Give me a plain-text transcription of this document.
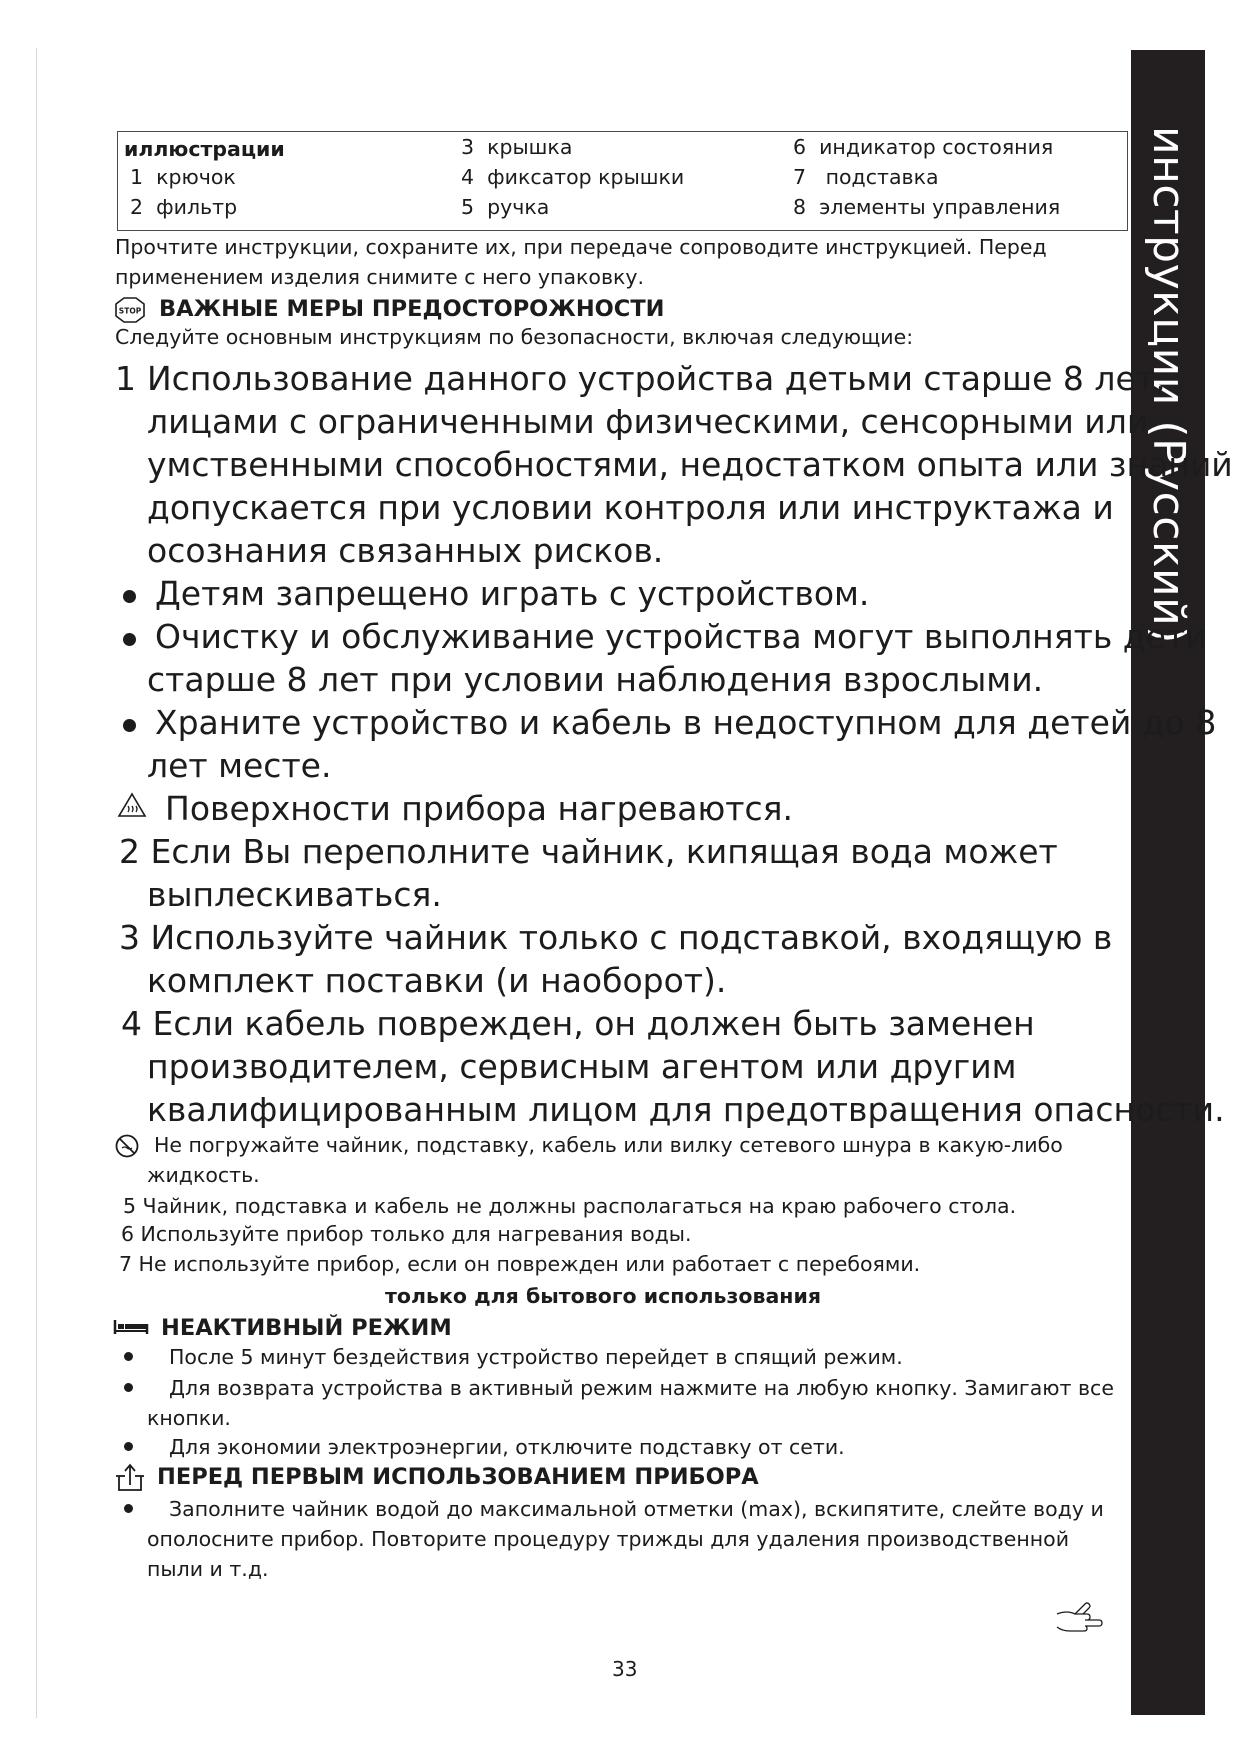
инструкции (Русский)
иллюстрации
1 крючок
2 фильтр
3 крышка
4 фиксатор крышки
5 ручка
6 индикатор состояния
7 подставка
8 элементы управления
Прочтите инструкции, сохраните их, при передаче сопроводите инструкцией. Перед
применением изделия снимите с него упаковку.
STOP ВАЖНЫЕ МЕРЫ ПРЕДОСТОРОЖНОСТИ
Следуйте основным инструкциям по безопасности, включая следующие:
1 Использование данного устройства детьми старше 8 лет,
лицами с ограниченными физическими, сенсорными или
умственными способностями, недостатком опыта или знаний
допускается при условии контроля или инструктажа и
осознания связанных рисков.
Детям запрещено играть с устройством.
Очистку и обслуживание устройства могут выполнять дети
старше 8 лет при условии наблюдения взрослыми.
Храните устройство и кабель в недоступном для детей до 8
лет месте.
Поверхности прибора нагреваются.
2 Если Вы переполните чайник, кипящая вода может
выплескиваться.
3 Используйте чайник только с подставкой, входящую в
комплект поставки (и наоборот).
4 Если кабель поврежден, он должен быть заменен
производителем, сервисным агентом или другим
квалифицированным лицом для предотвращения опасности.
Не погружайте чайник, подставку, кабель или вилку сетевого шнура в какую-либо
жидкость.
5 Чайник, подставка и кабель не должны располагаться на краю рабочего стола.
6 Используйте прибор только для нагревания воды.
7 Не используйте прибор, если он поврежден или работает с перебоями.
только для бытового использования
НЕАКТИВНЫЙ РЕЖИМ
После 5 минут бездействия устройство перейдет в спящий режим.
Для возврата устройства в активный режим нажмите на любую кнопку. Замигают все
кнопки.
Для экономии электроэнергии, отключите подставку от сети.
ПЕРЕД ПЕРВЫМ ИСПОЛЬЗОВАНИЕМ ПРИБОРА
Заполните чайник водой до максимальной отметки (max), вскипятите, слейте воду и
ополосните прибор. Повторите процедуру трижды для удаления производственной
пыли и т.д.
33
